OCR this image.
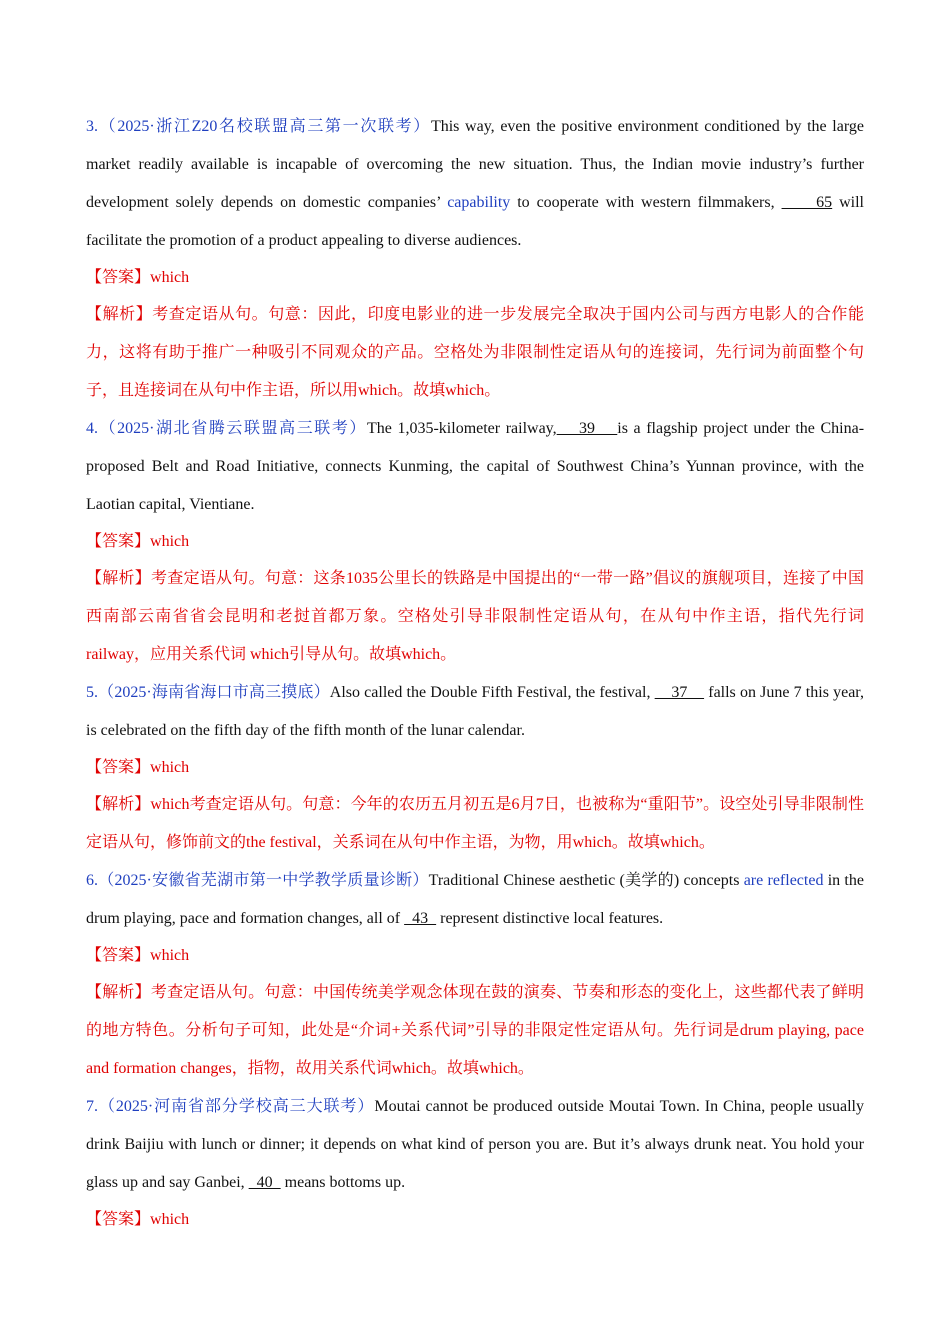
3.（2025·浙江Z20名校联盟高三第一次联考）This way, even the positive environment conditioned by the large market readily available is incapable of overcoming the new situation. Thus, the Indian movie industry’s further development solely depends on domestic companies’ capability to cooperate with western filmmakers,      65 will facilitate the promotion of a product appealing to diverse audiences.

【答案】which

【解析】考查定语从句。句意：因此，印度电影业的进一步发展完全取决于国内公司与西方电影人的合作能力，这将有助于推广一种吸引不同观众的产品。空格处为非限制性定语从句的连接词，先行词为前面整个句子，且连接词在从句中作主语，所以用which。故填which。

4.（2025·湖北省腾云联盟高三联考）The 1,035-kilometer railway,    39    is a flagship project under the China-proposed Belt and Road Initiative, connects Kunming, the capital of Southwest China’s Yunnan province, with the Laotian capital, Vientiane.

【答案】which

【解析】考查定语从句。句意：这条1035公里长的铁路是中国提出的“一带一路”倡议的旗舰项目，连接了中国西南部云南省省会昆明和老挝首都万象。空格处引导非限制性定语从句，在从句中作主语，指代先行词railway，应用关系代词 which引导从句。故填which。

5.（2025·海南省海口市高三摸底）Also called the Double Fifth Festival, the festival,     37     falls on June 7 this year, is celebrated on the fifth day of the fifth month of the lunar calendar.

【答案】which

【解析】which考查定语从句。句意：今年的农历五月初五是6月7日，也被称为“重阳节”。设空处引导非限制性定语从句，修饰前文的the festival，关系词在从句中作主语，为物，用which。故填which。

6.（2025·安徽省芜湖市第一中学教学质量诊断）Traditional Chinese aesthetic (美学的) concepts are reflected in the drum playing, pace and formation changes, all of   43   represent distinctive local features.

【答案】which

【解析】考查定语从句。句意：中国传统美学观念体现在鼓的演奏、节奏和形态的变化上，这些都代表了鲜明的地方特色。分析句子可知，此处是“介词+关系代词”引导的非限定性定语从句。先行词是drum playing, pace and formation changes，指物，故用关系代词which。故填which。

7.（2025·河南省部分学校高三大联考）Moutai cannot be produced outside Moutai Town. In China, people usually drink Baijiu with lunch or dinner; it depends on what kind of person you are. But it’s always drunk neat. You hold your glass up and say Ganbei,   40   means bottoms up.

【答案】which
